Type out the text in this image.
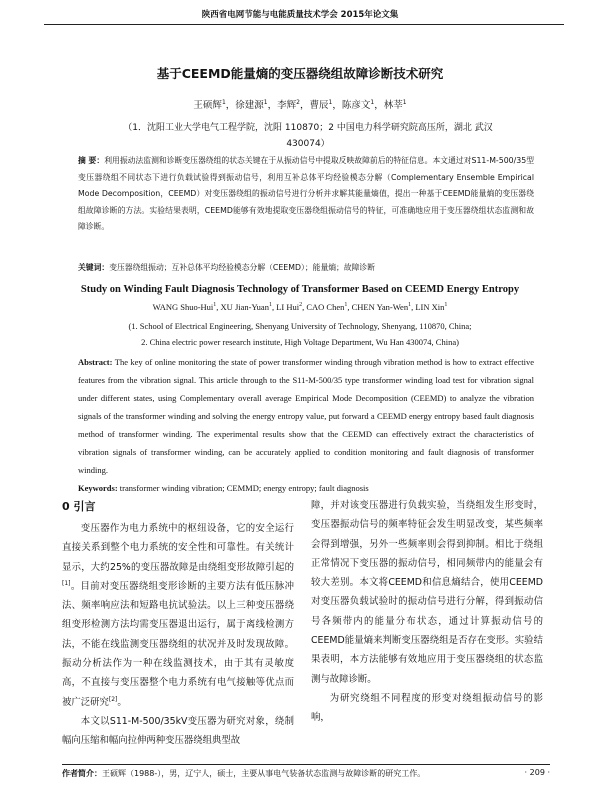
陕西省电网节能与电能质量技术学会 2015年论文集
基于CEEMD能量熵的变压器绕组故障诊断技术研究
王硕辉$^1$，徐建源$^1$，李辉$^2$，曹辰$^1$，陈彦文$^1$，林莘$^1$
（1．沈阳工业大学电气工程学院，沈阳 110870；2 中国电力科学研究院高压所，湖北 武汉
430074）
摘 要：利用振动法监测和诊断变压器绕组的状态关键在于从振动信号中提取反映故障前后的特征信息。本文通过对S11-M-500/35型变压器绕组不同状态下进行负载试验得到振动信号，利用互补总体平均经验模态分解（Complementary Ensemble Empirical Mode Decomposition，CEEMD）对变压器绕组的振动信号进行分析并求解其能量熵值，提出一种基于CEEMD能量熵的变压器绕组故障诊断的方法。实验结果表明，CEEMD能够有效地提取变压器绕组振动信号的特征，可准确地应用于变压器绕组状态监测和故障诊断。
关键词：变压器绕组振动；互补总体平均经验模态分解（CEEMD）；能量熵；故障诊断
Study on Winding Fault Diagnosis Technology of Transformer Based on CEEMD Energy Entropy
WANG Shuo-Hui$^1$, XU Jian-Yuan$^1$, LI Hui$^2$, CAO Chen$^1$, CHEN Yan-Wen$^1$, LIN Xin$^1$
(1. School of Electrical Engineering, Shenyang University of Technology, Shenyang, 110870, China;
2. China electric power research institute, High Voltage Department, Wu Han 430074, China)
Abstract: The key of online monitoring the state of power transformer winding through vibration method is how to extract effective features from the vibration signal. This article through to the S11-M-500/35 type transformer winding load test for vibration signal under different states, using Complementary overall average Empirical Mode Decomposition (CEEMD) to analyze the vibration signals of the transformer winding and solving the energy entropy value, put forward a CEEMD energy entropy based fault diagnosis method of transformer winding. The experimental results show that the CEEMD can effectively extract the characteristics of vibration signals of transformer winding, can be accurately applied to condition monitoring and fault diagnosis of transformer winding.
Keywords: transformer winding vibration; CEMMD; energy entropy; fault diagnosis
0 引言

变压器作为电力系统中的枢纽设备，它的安全运行直接关系到整个电力系统的安全性和可靠性。有关统计显示，大约25%的变压器故障是由绕组变形故障引起的[1]。目前对变压器绕组变形诊断的主要方法有低压脉冲法、频率响应法和短路电抗试验法。以上三种变压器绕组变形检测方法均需变压器退出运行，属于离线检测方法，不能在线监测变压器绕组的状况并及时发现故障。振动分析法作为一种在线监测技术，由于其有灵敏度高，不直接与变压器整个电力系统有电气接触等优点而被广泛研究[2]。

本文以S11-M-500/35kV变压器为研究对象，绕制幅向压缩和幅向拉伸两种变压器绕组典型故

障，并对该变压器进行负载实验，当绕组发生形变时，变压器振动信号的频率特征会发生明显改变，某些频率会得到增强，另外一些频率则会得到抑制。相比于绕组正常情况下变压器的振动信号，相同频带内的能量会有较大差别。本文将CEEMD和信息熵结合，使用CEEMD对变压器负载试验时的振动信号进行分解，得到振动信号各频带内的能量分布状态，通过计算振动信号的CEEMD能量熵来判断变压器绕组是否存在变形。实验结果表明，本方法能够有效地应用于变压器绕组的状态监测与故障诊断。

为研究绕组不同程度的形变对绕组振动信号的影响，

作者简介：王硕辉（1988-），男，辽宁人，硕士，主要从事电气装备状态监测与故障诊断的研究工作。	· 209 ·
